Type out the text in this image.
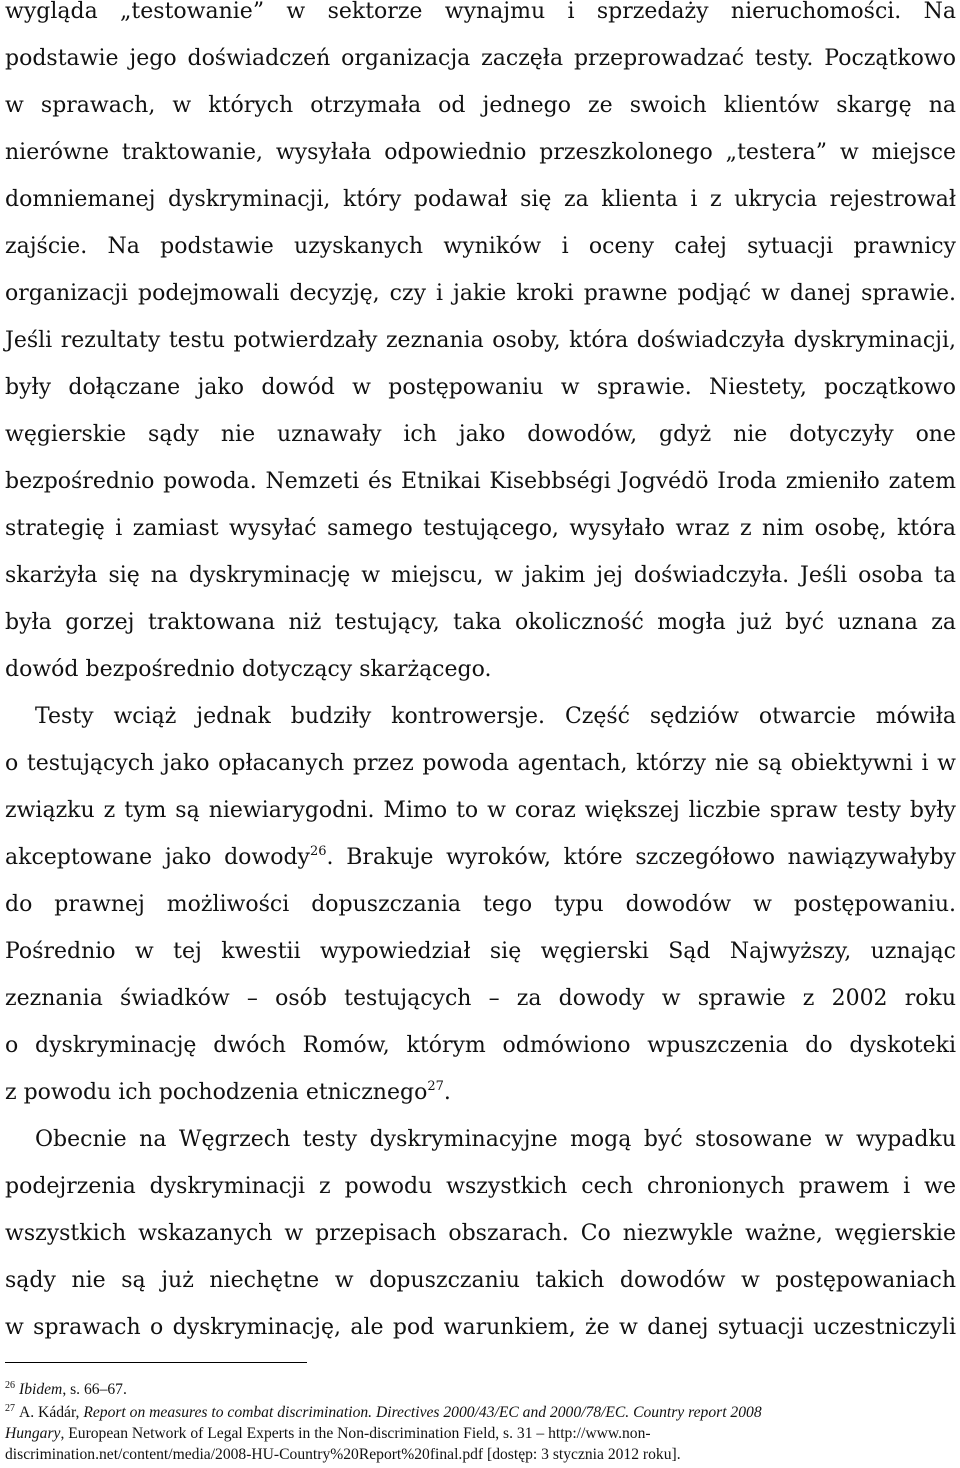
wygląda „testowanie” w sektorze wynajmu i sprzedaży nieruchomości. Na
podstawie jego doświadczeń organizacja zaczęła przeprowadzać testy. Początkowo
w sprawach, w których otrzymała od jednego ze swoich klientów skargę na
nierówne traktowanie, wysyłała odpowiednio przeszkolonego „testera” w miejsce
domniemanej dyskryminacji, który podawał się za klienta i z ukrycia rejestrował
zajście. Na podstawie uzyskanych wyników i oceny całej sytuacji prawnicy
organizacji podejmowali decyzję, czy i jakie kroki prawne podjąć w danej sprawie.
Jeśli rezultaty testu potwierdzały zeznania osoby, która doświadczyła dyskryminacji,
były dołączane jako dowód w postępowaniu w sprawie. Niestety, początkowo
węgierskie sądy nie uznawały ich jako dowodów, gdyż nie dotyczyły one
bezpośrednio powoda. Nemzeti és Etnikai Kisebbségi Jogvédö Iroda zmieniło zatem
strategię i zamiast wysyłać samego testującego, wysyłało wraz z nim osobę, która
skarżyła się na dyskryminację w miejscu, w jakim jej doświadczyła. Jeśli osoba ta
była gorzej traktowana niż testujący, taka okoliczność mogła już być uznana za
dowód bezpośrednio dotyczący skarżącego.
Testy wciąż jednak budziły kontrowersje. Część sędziów otwarcie mówiła
o testujących jako opłacanych przez powoda agentach, którzy nie są obiektywni i w
związku z tym są niewiarygodni. Mimo to w coraz większej liczbie spraw testy były
akceptowane jako dowody$^{26}$. Brakuje wyroków, które szczegółowo nawiązywałyby
do prawnej możliwości dopuszczania tego typu dowodów w postępowaniu.
Pośrednio w tej kwestii wypowiedział się węgierski Sąd Najwyższy, uznając
zeznania świadków – osób testujących – za dowody w sprawie z 2002 roku
o dyskryminację dwóch Romów, którym odmówiono wpuszczenia do dyskoteki
z powodu ich pochodzenia etnicznego$^{27}$.
Obecnie na Węgrzech testy dyskryminacyjne mogą być stosowane w wypadku
podejrzenia dyskryminacji z powodu wszystkich cech chronionych prawem i we
wszystkich wskazanych w przepisach obszarach. Co niezwykle ważne, węgierskie
sądy nie są już niechętne w dopuszczaniu takich dowodów w postępowaniach
w sprawach o dyskryminację, ale pod warunkiem, że w danej sytuacji uczestniczyli
$^{26}$ Ibidem, s. 66–67.
$^{27}$ A. Kádár, Report on measures to combat discrimination. Directives 2000/43/EC and 2000/78/EC. Country report 2008
Hungary, European Network of Legal Experts in the Non-discrimination Field, s. 31 – http://www.non-
discrimination.net/content/media/2008-HU-Country%20Report%20final.pdf [dostęp: 3 stycznia 2012 roku].
